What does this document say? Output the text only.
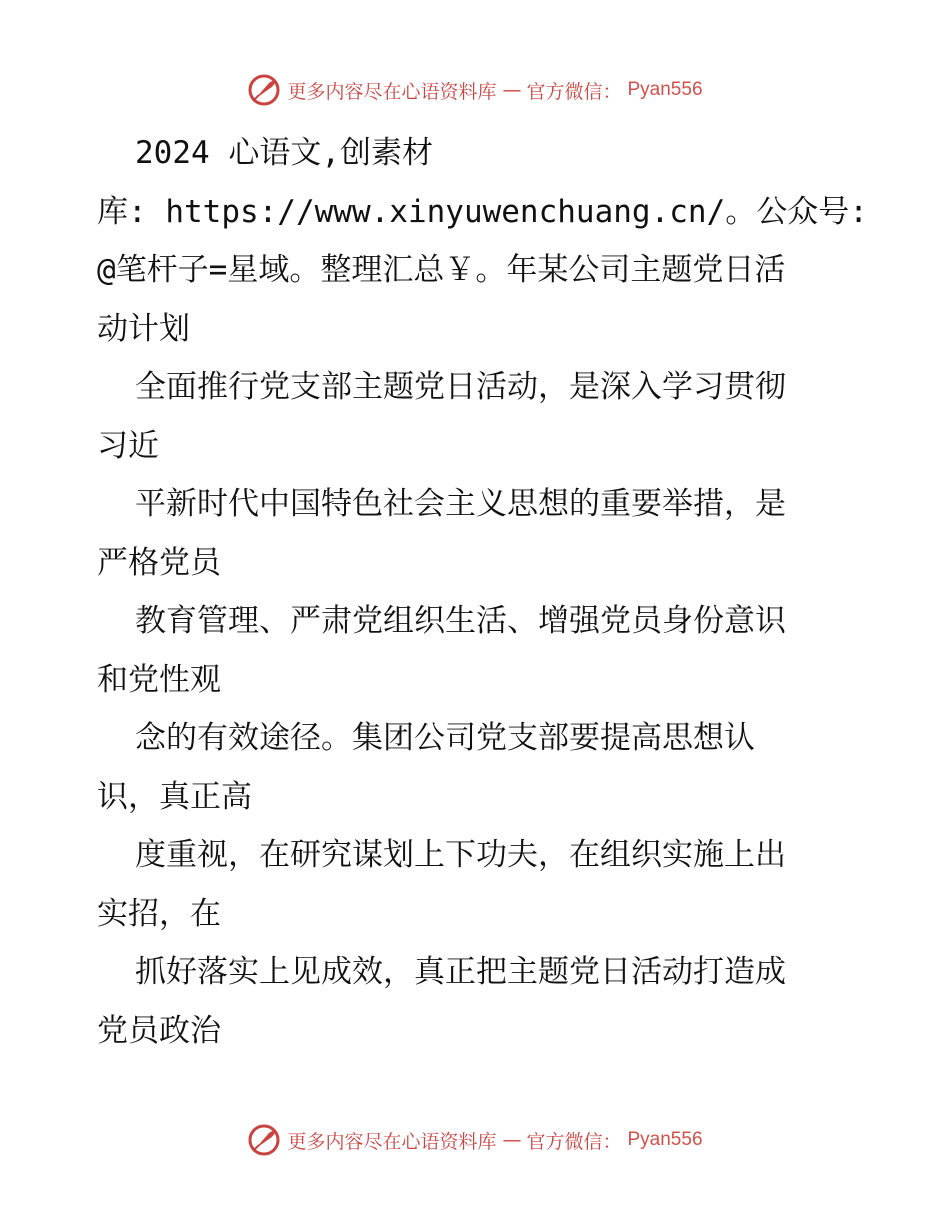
更多内容尽在心语资料库 — 官方微信： Pyan556
2024 心语文,创素材
库: https://www.xinyuwenchuang.cn/。公众号:
@笔杆子=星域。整理汇总￥。年某公司主题党日活
动计划
全面推行党支部主题党日活动，是深入学习贯彻
习近
平新时代中国特色社会主义思想的重要举措，是
严格党员
教育管理、严肃党组织生活、增强党员身份意识
和党性观
念的有效途径。集团公司党支部要提高思想认
识，真正高
度重视，在研究谋划上下功夫，在组织实施上出
实招，在
抓好落实上见成效，真正把主题党日活动打造成
党员政治
更多内容尽在心语资料库 — 官方微信： Pyan556
